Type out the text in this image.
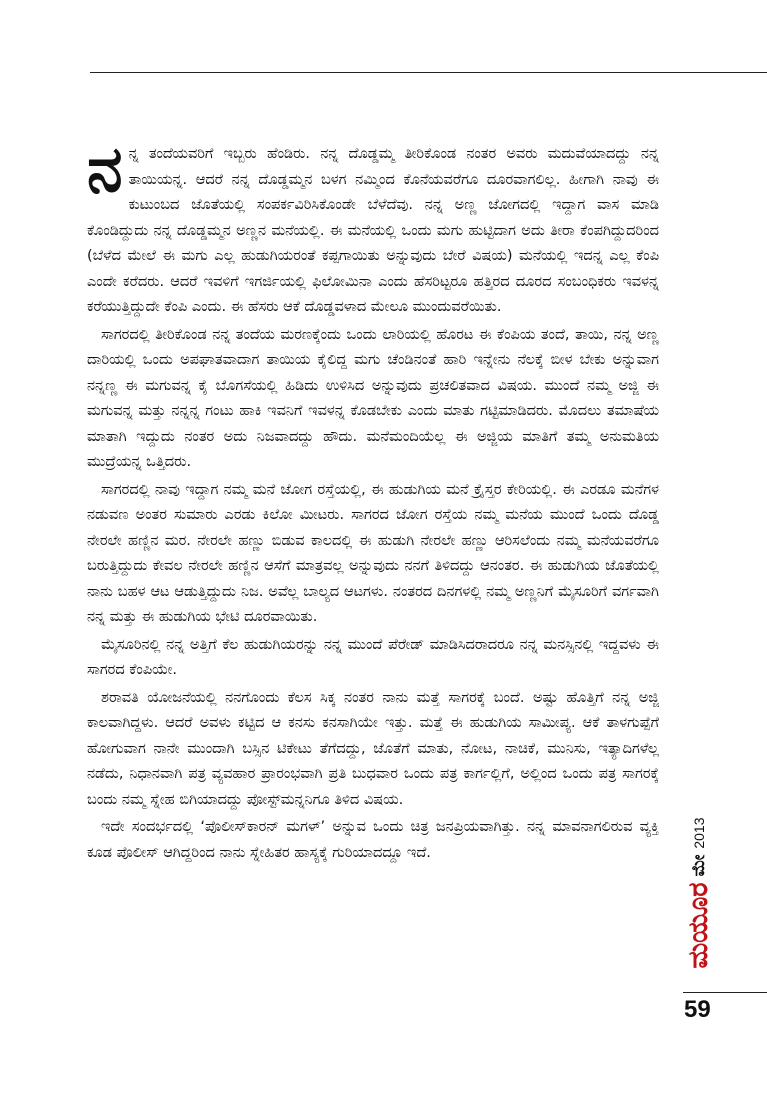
ನನ್ನ ತಂದೆಯವರಿಗೆ ಇಬ್ಬರು ಹೆಂಡಿರು. ನನ್ನ ದೊಡ್ಡಮ್ಮ ತೀರಿಕೊಂಡ ನಂತರ ಅವರು ಮದುವೆಯಾದದ್ದು ನನ್ನ ತಾಯಿಯನ್ನ. ಆದರೆ ನನ್ನ ದೊಡ್ಡಮ್ಮನ ಬಳಗ ನಮ್ಮಿಂದ ಕೊನೆಯವರೆಗೂ ದೂರವಾಗಲಿಲ್ಲ. ಹೀಗಾಗಿ ನಾವು ಈ ಕುಟುಂಬದ ಜೊತೆಯಲ್ಲಿ ಸಂಪರ್ಕವಿರಿಸಿಕೊಂಡೇ ಬೆಳೆದೆವು. ನನ್ನ ಅಣ್ಣ ಜೋಗದಲ್ಲಿ ಇದ್ದಾಗ ವಾಸ ಮಾಡಿ ಕೊಂಡಿದ್ದುದು ನನ್ನ ದೊಡ್ಡಮ್ಮನ ಅಣ್ಣನ ಮನೆಯಲ್ಲಿ. ಈ ಮನೆಯಲ್ಲಿ ಒಂದು ಮಗು ಹುಟ್ಟಿದಾಗ ಅದು ತೀರಾ ಕೆಂಪಗಿದ್ದುದರಿಂದ (ಬೆಳೆದ ಮೇಲೆ ಈ ಮಗು ಎಲ್ಲ ಹುಡುಗಿಯರಂತೆ ಕಪ್ಪಗಾಯಿತು ಅನ್ನುವುದು ಬೇರೆ ವಿಷಯ) ಮನೆಯಲ್ಲಿ ಇದನ್ನ ಎಲ್ಲ ಕೆಂಪಿ ಎಂದೇ ಕರೆದರು. ಆದರೆ ಇವಳಿಗೆ ಇಗರ್ಜಿಯಲ್ಲಿ ಫಿಲೋಮಿನಾ ಎಂದು ಹೆಸರಿಟ್ಟರೂ ಹತ್ತಿರದ ದೂರದ ಸಂಬಂಧಿಕರು ಇವಳನ್ನ ಕರೆಯುತ್ತಿದ್ದುದೇ ಕೆಂಪಿ ಎಂದು. ಈ ಹೆಸರು ಆಕೆ ದೊಡ್ಡವಳಾದ ಮೇಲೂ ಮುಂದುವರೆಯಿತು.

ಸಾಗರದಲ್ಲಿ ತೀರಿಕೊಂಡ ನನ್ನ ತಂದೆಯ ಮರಣಕ್ಕೆಂದು ಒಂದು ಲಾರಿಯಲ್ಲಿ ಹೊರಟ ಈ ಕೆಂಪಿಯ ತಂದೆ, ತಾಯಿ, ನನ್ನ ಅಣ್ಣ ದಾರಿಯಲ್ಲಿ ಒಂದು ಅಪಘಾತವಾದಾಗ ತಾಯಿಯ ಕೈಲಿದ್ದ ಮಗು ಚೆಂಡಿನಂತೆ ಹಾರಿ ಇನ್ನೇನು ನೆಲಕ್ಕೆ ಬೀಳ ಬೇಕು ಅನ್ನುವಾಗ ನನ್ನಣ್ಣ ಈ ಮಗುವನ್ನ ಕೈ ಬೊಗಸೆಯಲ್ಲಿ ಹಿಡಿದು ಉಳಿಸಿದ ಅನ್ನುವುದು ಪ್ರಚಲಿತವಾದ ವಿಷಯ. ಮುಂದೆ ನಮ್ಮ ಅಜ್ಜಿ ಈ ಮಗುವನ್ನ ಮತ್ತು ನನ್ನನ್ನ ಗಂಟು ಹಾಕಿ ಇವನಿಗೆ ಇವಳನ್ನ ಕೊಡಬೇಕು ಎಂದು ಮಾತು ಗಟ್ಟಿಮಾಡಿದರು. ಮೊದಲು ತಮಾಷೆಯ ಮಾತಾಗಿ ಇದ್ದುದು ನಂತರ ಅದು ನಿಜವಾದದ್ದು ಹೌದು. ಮನೆಮಂದಿಯೆಲ್ಲ ಈ ಅಜ್ಜಿಯ ಮಾತಿಗೆ ತಮ್ಮ ಅನುಮತಿಯ ಮುದ್ರೆಯನ್ನ ಒತ್ತಿದರು.

ಸಾಗರದಲ್ಲಿ ನಾವು ಇದ್ದಾಗ ನಮ್ಮ ಮನೆ ಜೋಗ ರಸ್ತೆಯಲ್ಲಿ, ಈ ಹುಡುಗಿಯ ಮನೆ ಕ್ರೈಸ್ತರ ಕೇರಿಯಲ್ಲಿ. ಈ ಎರಡೂ ಮನೆಗಳ ನಡುವಣ ಅಂತರ ಸುಮಾರು ಎರಡು ಕಿಲೋ ಮೀಟರು. ಸಾಗರದ ಜೋಗ ರಸ್ತೆಯ ನಮ್ಮ ಮನೆಯ ಮುಂದೆ ಒಂದು ದೊಡ್ಡ ನೇರಲೇ ಹಣ್ಣಿನ ಮರ. ನೇರಲೇ ಹಣ್ಣು ಬಿಡುವ ಕಾಲದಲ್ಲಿ ಈ ಹುಡುಗಿ ನೇರಲೇ ಹಣ್ಣು ಆರಿಸಲೆಂದು ನಮ್ಮ ಮನೆಯವರೆಗೂ ಬರುತ್ತಿದ್ದುದು ಕೇವಲ ನೇರಲೇ ಹಣ್ಣಿನ ಆಸೆಗೆ ಮಾತ್ರವಲ್ಲ ಅನ್ನುವುದು ನನಗೆ ತಿಳಿದದ್ದು ಆನಂತರ. ಈ ಹುಡುಗಿಯ ಜೊತೆಯಲ್ಲಿ ನಾನು ಬಹಳ ಆಟ ಆಡುತ್ತಿದ್ದುದು ನಿಜ. ಅವೆಲ್ಲ ಬಾಲ್ಯದ ಆಟಗಳು. ನಂತರದ ದಿನಗಳಲ್ಲಿ ನಮ್ಮ ಅಣ್ಣನಿಗೆ ಮೈಸೂರಿಗೆ ವರ್ಗವಾಗಿ ನನ್ನ ಮತ್ತು ಈ ಹುಡುಗಿಯ ಭೇಟಿ ದೂರವಾಯಿತು.

ಮೈಸೂರಿನಲ್ಲಿ ನನ್ನ ಅತ್ತಿಗೆ ಕೆಲ ಹುಡುಗಿಯರನ್ನು ನನ್ನ ಮುಂದೆ ಪೆರೇಡ್ ಮಾಡಿಸಿದರಾದರೂ ನನ್ನ ಮನಸ್ಸಿನಲ್ಲಿ ಇದ್ದವಳು ಈ ಸಾಗರದ ಕೆಂಪಿಯೇ.

ಶರಾವತಿ ಯೋಜನೆಯಲ್ಲಿ ನನಗೊಂದು ಕೆಲಸ ಸಿಕ್ಕ ನಂತರ ನಾನು ಮತ್ತೆ ಸಾಗರಕ್ಕೆ ಬಂದೆ. ಅಷ್ಟು ಹೊತ್ತಿಗೆ ನನ್ನ ಅಜ್ಜಿ ಕಾಲವಾಗಿದ್ದಳು. ಆದರೆ ಅವಳು ಕಟ್ಟಿದ ಆ ಕನಸು ಕನಸಾಗಿಯೇ ಇತ್ತು. ಮತ್ತೆ ಈ ಹುಡುಗಿಯ ಸಾಮೀಪ್ಯ. ಆಕೆ ತಾಳಗುಪ್ಪೆಗೆ ಹೋಗುವಾಗ ನಾನೇ ಮುಂದಾಗಿ ಬಸ್ಸಿನ ಟಿಕೇಟು ತೆಗೆದದ್ದು, ಜೊತೆಗೆ ಮಾತು, ನೋಟ, ನಾಚಿಕೆ, ಮುನಿಸು, ಇತ್ಯಾದಿಗಳೆಲ್ಲ ನಡೆದು, ನಿಧಾನವಾಗಿ ಪತ್ರ ವ್ಯವಹಾರ ಪ್ರಾರಂಭವಾಗಿ ಪ್ರತಿ ಬುಧವಾರ ಒಂದು ಪತ್ರ ಕಾರ್ಗಲ್ಲಿಗೆ, ಅಲ್ಲಿಂದ ಒಂದು ಪತ್ರ ಸಾಗರಕ್ಕೆ ಬಂದು ನಮ್ಮ ಸ್ನೇಹ ಬಿಗಿಯಾದದ್ದು ಪೋಸ್ಟ್‌ಮನ್ನನಿಗೂ ತಿಳಿದ ವಿಷಯ.

ಇದೇ ಸಂದರ್ಭದಲ್ಲಿ ‘ಪೊಲೀಸ್‌ಕಾರನ್ ಮಗಳ್’ ಅನ್ನುವ ಒಂದು ಚಿತ್ರ ಜನಪ್ರಿಯವಾಗಿತ್ತು. ನನ್ನ ಮಾವನಾಗಲಿರುವ ವ್ಯಕ್ತಿ ಕೂಡ ಪೊಲೀಸ್ ಆಗಿದ್ದರಿಂದ ನಾನು ಸ್ನೇಹಿತರ ಹಾಸ್ಯಕ್ಕೆ ಗುರಿಯಾದದ್ದೂ ಇದೆ.

ಮಯೂರ
ಮೇ
2013
59
